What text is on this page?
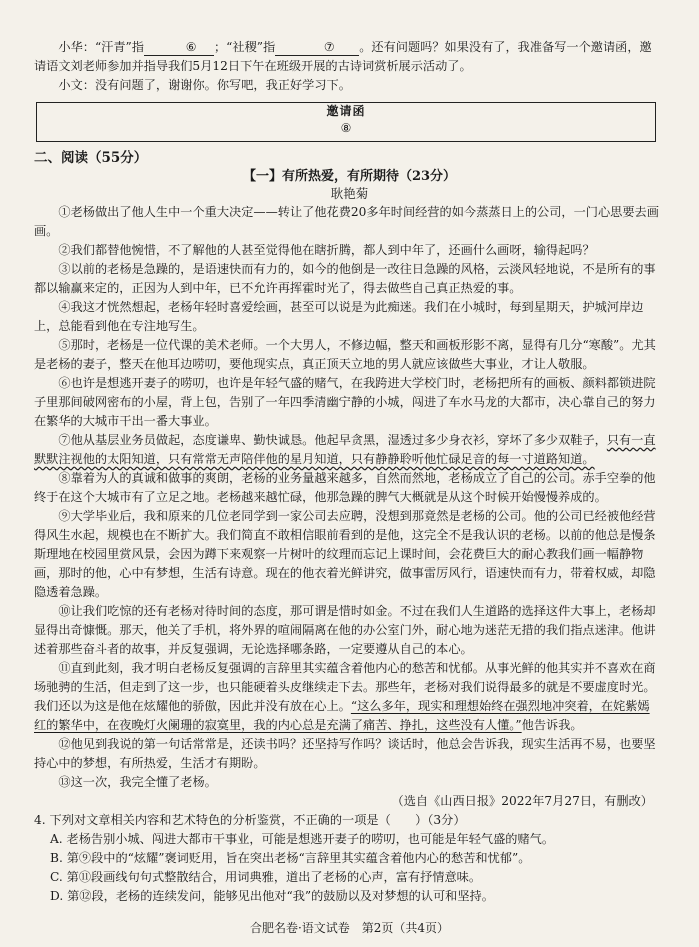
小华：“汗青”指	⑥ ；“社稷”指	⑦ 。还有问题吗？如果没有了，我准备写一个邀请函，邀请语文刘老师参加并指导我们5月12日下午在班级开展的古诗词赏析展示活动了。

小文：没有问题了，谢谢你。你写吧，我正好学习下。

邀请函
⑧
二、阅读（55分）
【一】有所热爱，有所期待（23分）
耿艳菊

①老杨做出了他人生中一个重大决定——转让了他花费20多年时间经营的如今蒸蒸日上的公司，一门心思要去画画。

②我们都替他惋惜，不了解他的人甚至觉得他在瞎折腾，都人到中年了，还画什么画呀，输得起吗？

③以前的老杨是急躁的，是语速快而有力的，如今的他倒是一改往日急躁的风格，云淡风轻地说，不是所有的事都以输赢来定的，正因为人到中年，已不允许再挥霍时光了，得去做些自己真正热爱的事。

④我这才恍然想起，老杨年轻时喜爱绘画，甚至可以说是为此痴迷。我们在小城时，每到星期天，护城河岸边上，总能看到他在专注地写生。

⑤那时，老杨是一位代课的美术老师。一个大男人，不修边幅，整天和画板形影不离，显得有几分“寒酸”。尤其是老杨的妻子，整天在他耳边唠叨，要他现实点，真正顶天立地的男人就应该做些大事业，才让人敬服。

⑥也许是想逃开妻子的唠叨，也许是年轻气盛的赌气，在我跨进大学校门时，老杨把所有的画板、颜料都锁进院子里那间破网密布的小屋，背上包，告别了一年四季清幽宁静的小城，闯进了车水马龙的大都市，决心靠自己的努力在繁华的大城市干出一番大事业。

⑦他从基层业务员做起，态度谦卑、勤快诚恳。他起早贪黑，湿透过多少身衣衫，穿坏了多少双鞋子，只有一直默默注视他的太阳知道，只有常常无声陪伴他的星月知道，只有静静聆听他忙碌足音的每一寸道路知道。

⑧靠着为人的真诚和做事的爽朗，老杨的业务量越来越多，自然而然地，老杨成立了自己的公司。赤手空拳的他终于在这个大城市有了立足之地。老杨越来越忙碌，他那急躁的脾气大概就是从这个时候开始慢慢养成的。

⑨大学毕业后，我和原来的几位老同学到一家公司去应聘，没想到那竟然是老杨的公司。他的公司已经被他经营得风生水起，规模也在不断扩大。我们简直不敢相信眼前看到的是他，这完全不是我认识的老杨。以前的他总是慢条斯理地在校园里赏风景，会因为蹲下来观察一片树叶的纹理而忘记上课时间，会花费巨大的耐心教我们画一幅静物画，那时的他，心中有梦想，生活有诗意。现在的他衣着光鲜讲究，做事雷厉风行，语速快而有力，带着权威，却隐隐透着急躁。

⑩让我们吃惊的还有老杨对待时间的态度，那可谓是惜时如金。不过在我们人生道路的选择这件大事上，老杨却显得出奇慷慨。那天，他关了手机，将外界的喧闹隔离在他的办公室门外，耐心地为迷茫无措的我们指点迷津。他讲述着那些奋斗者的故事，并反复强调，无论选择哪条路，一定要遵从自己的本心。

⑪直到此刻，我才明白老杨反复强调的言辞里其实蕴含着他内心的愁苦和忧郁。从事光鲜的他其实并不喜欢在商场驰骋的生活，但走到了这一步，也只能硬着头皮继续走下去。那些年，老杨对我们说得最多的就是不要虚度时光。我们还以为这是他在炫耀他的骄傲，因此并没有放在心上。“这么多年，现实和理想始终在强烈地冲突着，在姹紫嫣红的繁华中，在夜晚灯火阑珊的寂寞里，我的内心总是充满了痛苦、挣扎，这些没有人懂。”他告诉我。

⑫他见到我说的第一句话常常是，还读书吗？还坚持写作吗？谈话时，他总会告诉我，现实生活再不易，也要坚持心中的梦想，有所热爱，生活才有期盼。

⑬这一次，我完全懂了老杨。

（选自《山西日报》2022年7月27日，有删改）

4. 下列对文章相关内容和艺术特色的分析鉴赏，不正确的一项是（　　）（3分）

A. 老杨告别小城、闯进大都市干事业，可能是想逃开妻子的唠叨，也可能是年轻气盛的赌气。

B. 第⑨段中的“炫耀”褒词贬用，旨在突出老杨“言辞里其实蕴含着他内心的愁苦和忧郁”。

C. 第⑪段画线句句式整散结合，用词典雅，道出了老杨的心声，富有抒情意味。

D. 第⑫段，老杨的连续发问，能够见出他对“我”的鼓励以及对梦想的认可和坚持。

合肥名卷·语文试卷　第2页（共4页）
